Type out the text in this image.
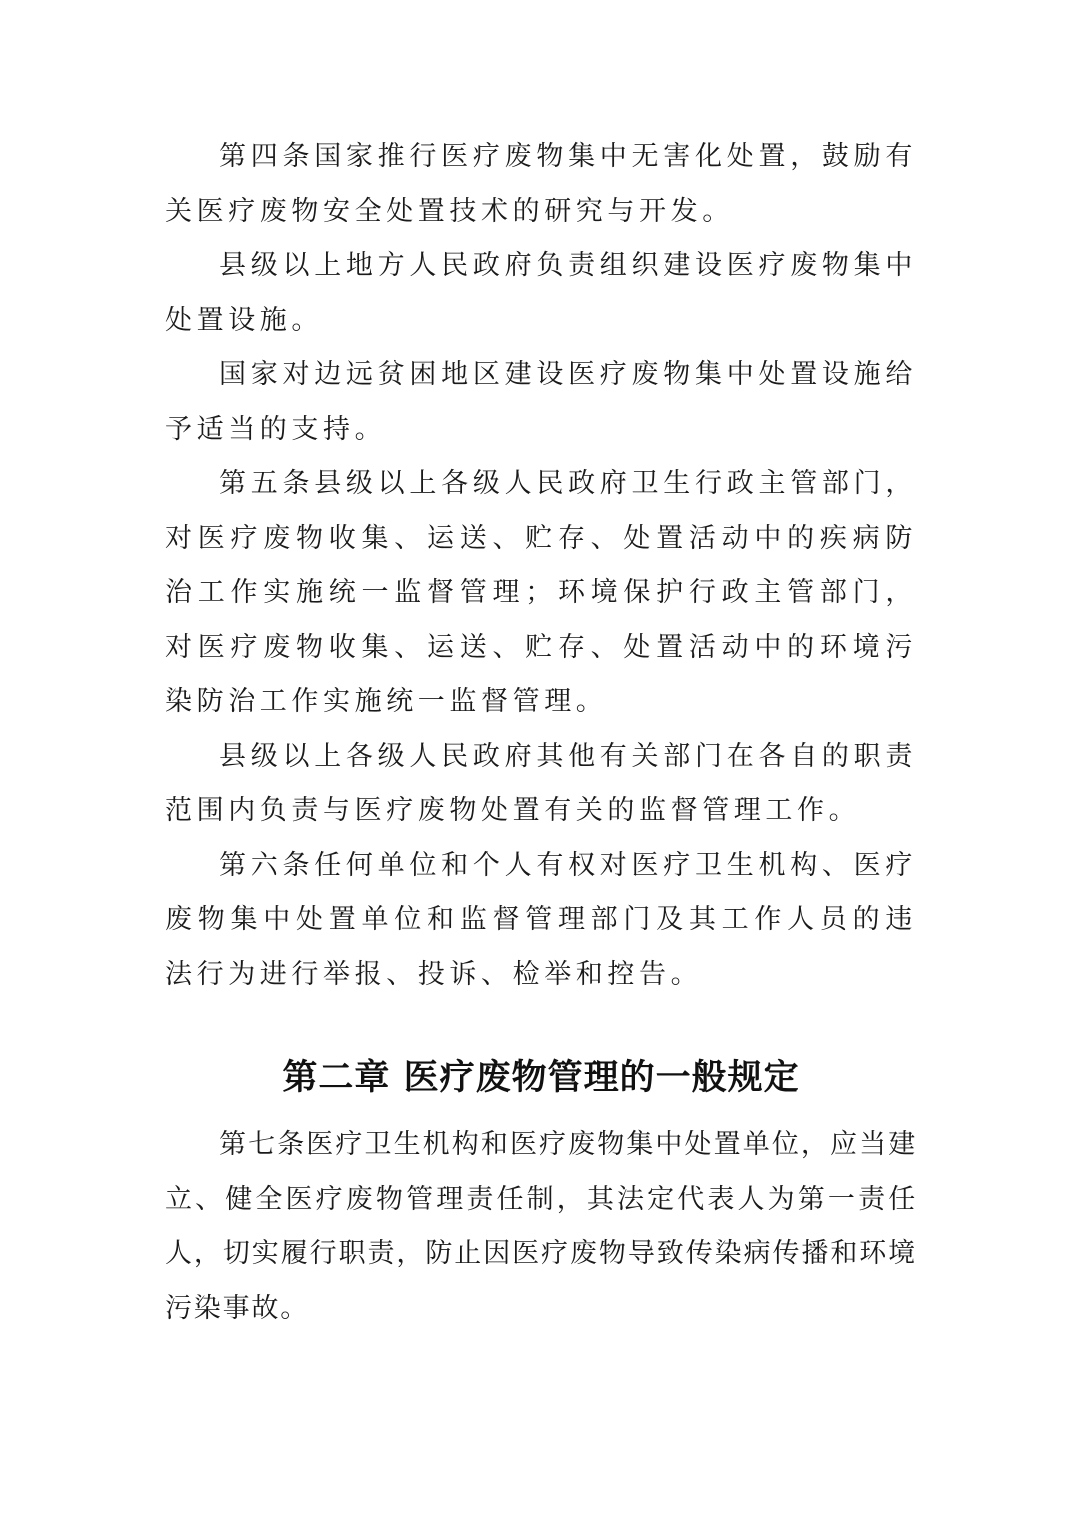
第四条国家推行医疗废物集中无害化处置，鼓励有关医疗废物安全处置技术的研究与开发。

县级以上地方人民政府负责组织建设医疗废物集中处置设施。

国家对边远贫困地区建设医疗废物集中处置设施给予适当的支持。

第五条县级以上各级人民政府卫生行政主管部门，对医疗废物收集、运送、贮存、处置活动中的疾病防治工作实施统一监督管理；环境保护行政主管部门，对医疗废物收集、运送、贮存、处置活动中的环境污染防治工作实施统一监督管理。

县级以上各级人民政府其他有关部门在各自的职责范围内负责与医疗废物处置有关的监督管理工作。

第六条任何单位和个人有权对医疗卫生机构、医疗废物集中处置单位和监督管理部门及其工作人员的违法行为进行举报、投诉、检举和控告。

第二章 医疗废物管理的一般规定

第七条医疗卫生机构和医疗废物集中处置单位，应当建立、健全医疗废物管理责任制，其法定代表人为第一责任人，切实履行职责，防止因医疗废物导致传染病传播和环境污染事故。
